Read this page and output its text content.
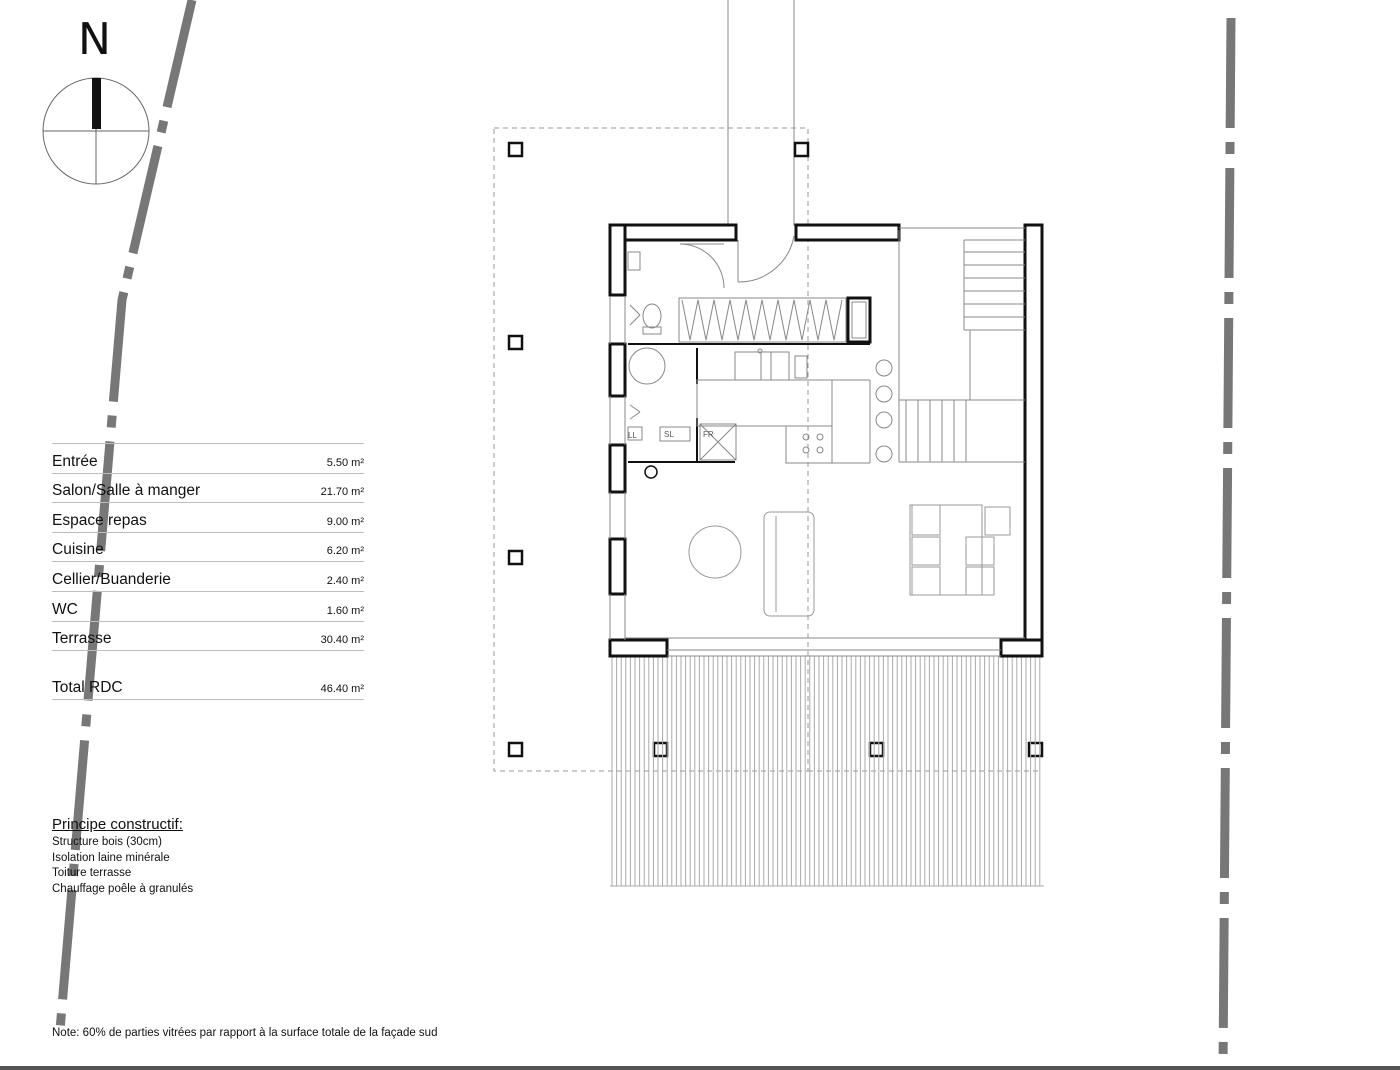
LL	SL	FR
N
Entrée	5.50 m²
Salon/Salle à manger	21.70 m²
Espace repas	9.00 m²
Cuisine	6.20 m²
Cellier/Buanderie	2.40 m²
WC	1.60 m²
Terrasse	30.40 m²
Total RDC	46.40 m²
Principe constructif:
Structure bois (30cm)
Isolation laine minérale
Toiture terrasse
Chauffage poêle à granulés
Note: 60% de parties vitrées par rapport à la surface totale de la façade sud
